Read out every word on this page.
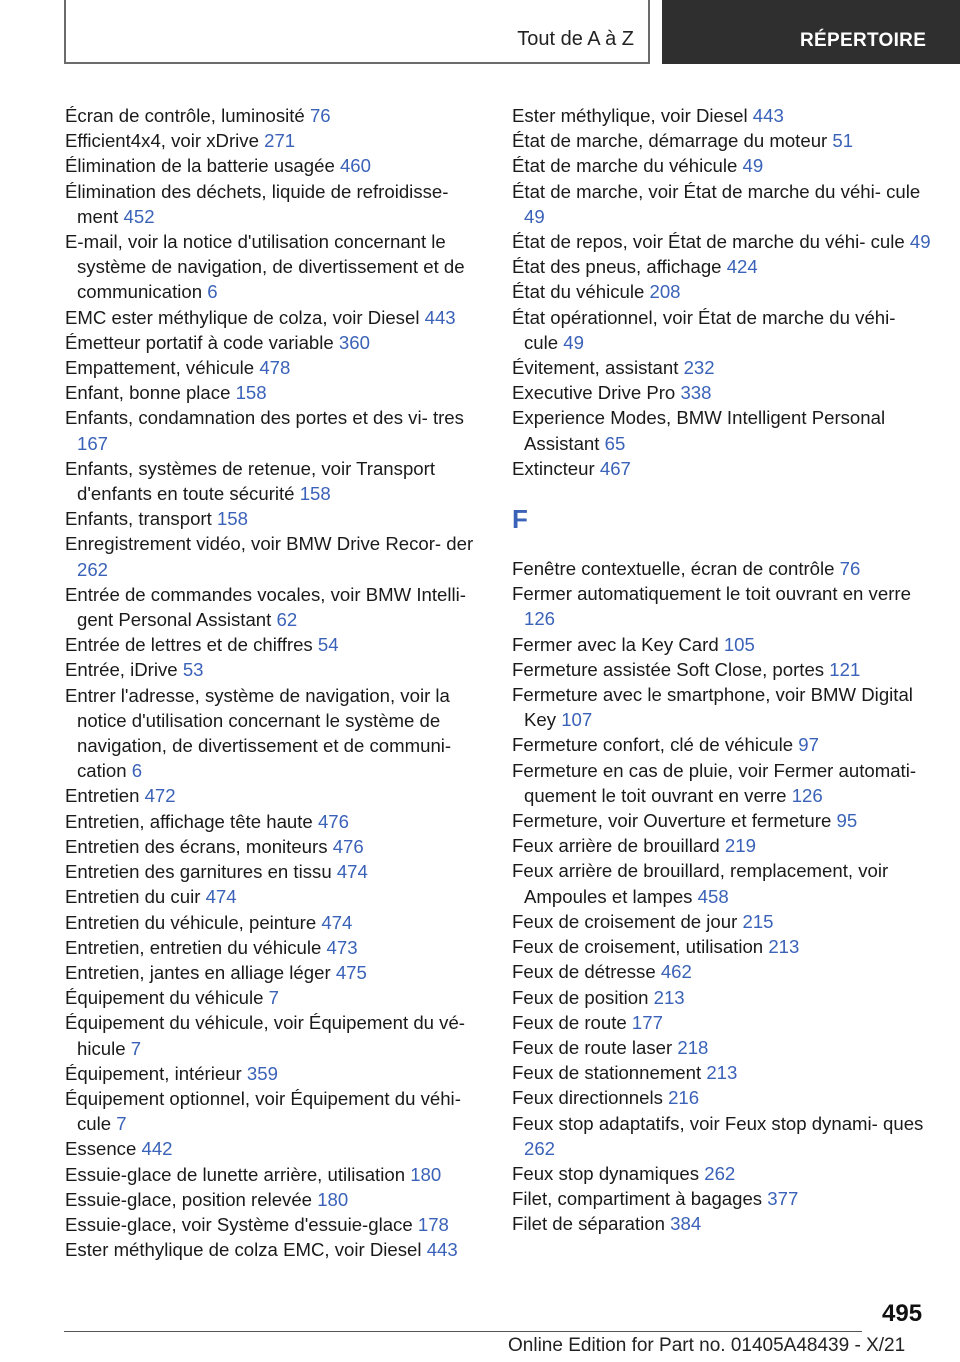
Tout de A à Z	RÉPERTOIRE
Écran de contrôle, luminosité 76
Efficient4x4, voir xDrive 271
Élimination de la batterie usagée 460
Élimination des déchets, liquide de refroidisse‐ ment 452
E-mail, voir la notice d'utilisation concernant le système de navigation, de divertissement et de communication 6
EMC ester méthylique de colza, voir Diesel 443
Émetteur portatif à code variable 360
Empattement, véhicule 478
Enfant, bonne place 158
Enfants, condamnation des portes et des vi‐ tres 167
Enfants, systèmes de retenue, voir Transport d'enfants en toute sécurité 158
Enfants, transport 158
Enregistrement vidéo, voir BMW Drive Recor‐ der 262
Entrée de commandes vocales, voir BMW Intelli‐ gent Personal Assistant 62
Entrée de lettres et de chiffres 54
Entrée, iDrive 53
Entrer l'adresse, système de navigation, voir la notice d'utilisation concernant le système de navigation, de divertissement et de communi‐ cation 6
Entretien 472
Entretien, affichage tête haute 476
Entretien des écrans, moniteurs 476
Entretien des garnitures en tissu 474
Entretien du cuir 474
Entretien du véhicule, peinture 474
Entretien, entretien du véhicule 473
Entretien, jantes en alliage léger 475
Équipement du véhicule 7
Équipement du véhicule, voir Équipement du vé‐ hicule 7
Équipement, intérieur 359
Équipement optionnel, voir Équipement du véhi‐ cule 7
Essence 442
Essuie-glace de lunette arrière, utilisation 180
Essuie-glace, position relevée 180
Essuie-glace, voir Système d'essuie-glace 178
Ester méthylique de colza EMC, voir Diesel 443
Ester méthylique, voir Diesel 443
État de marche, démarrage du moteur 51
État de marche du véhicule 49
État de marche, voir État de marche du véhi‐ cule 49
État de repos, voir État de marche du véhi‐ cule 49
État des pneus, affichage 424
État du véhicule 208
État opérationnel, voir État de marche du véhi‐ cule 49
Évitement, assistant 232
Executive Drive Pro 338
Experience Modes, BMW Intelligent Personal Assistant 65
Extincteur 467
F
Fenêtre contextuelle, écran de contrôle 76
Fermer automatiquement le toit ouvrant en verre 126
Fermer avec la Key Card 105
Fermeture assistée Soft Close, portes 121
Fermeture avec le smartphone, voir BMW Digital Key 107
Fermeture confort, clé de véhicule 97
Fermeture en cas de pluie, voir Fermer automati‐ quement le toit ouvrant en verre 126
Fermeture, voir Ouverture et fermeture 95
Feux arrière de brouillard 219
Feux arrière de brouillard, remplacement, voir Ampoules et lampes 458
Feux de croisement de jour 215
Feux de croisement, utilisation 213
Feux de détresse 462
Feux de position 213
Feux de route 177
Feux de route laser 218
Feux de stationnement 213
Feux directionnels 216
Feux stop adaptatifs, voir Feux stop dynami‐ ques 262
Feux stop dynamiques 262
Filet, compartiment à bagages 377
Filet de séparation 384
495
Online Edition for Part no. 01405A48439 - X/21
